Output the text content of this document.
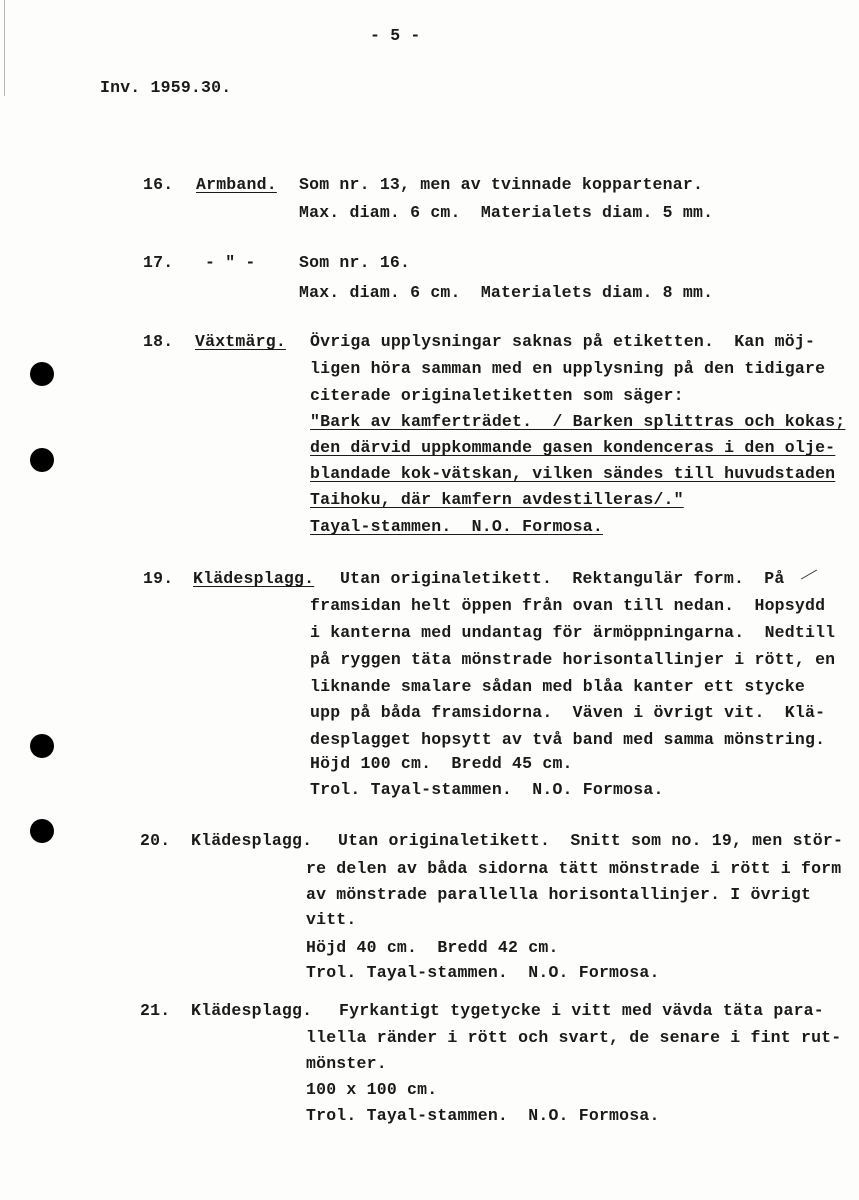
- 5 -
Inv. 1959.30.
16. Armband. Som nr. 13, men av tvinnade koppartenar.
Max. diam. 6 cm.  Materialets diam. 5 mm.
17. - " -	Som nr. 16.
Max. diam. 6 cm.  Materialets diam. 8 mm.
18. Växtmärg. Övriga upplysningar saknas på etiketten.  Kan möj-
ligen höra samman med en upplysning på den tidigare
citerade originaletiketten som säger:
"Bark av kamferträdet.  / Barken splittras och kokas;
den därvid uppkommande gasen kondenceras i den olje-
blandade kok-vätskan, vilken sändes till huvudstaden
Taihoku, där kamfern avdestilleras/."
Tayal-stammen.  N.O. Formosa.
19. Klädesplagg. Utan originaletikett.  Rektangulär form.  På
framsidan helt öppen från ovan till nedan.  Hopsydd
i kanterna med undantag för ärmöppningarna.  Nedtill
på ryggen täta mönstrade horisontallinjer i rött, en
liknande smalare sådan med blåa kanter ett stycke
upp på båda framsidorna.  Väven i övrigt vit.  Klä-
desplagget hopsytt av två band med samma mönstring.
Höjd 100 cm.  Bredd 45 cm.
Trol. Tayal-stammen.  N.O. Formosa.
20. Klädesplagg. Utan originaletikett.  Snitt som no. 19, men stör-
re delen av båda sidorna tätt mönstrade i rött i form
av mönstrade parallella horisontallinjer. I övrigt
vitt.
Höjd 40 cm.  Bredd 42 cm.
Trol. Tayal-stammen.  N.O. Formosa.
21. Klädesplagg. Fyrkantigt tygetycke i vitt med vävda täta para-
llella ränder i rött och svart, de senare i fint rut-
mönster.
100 x 100 cm.
Trol. Tayal-stammen.  N.O. Formosa.
